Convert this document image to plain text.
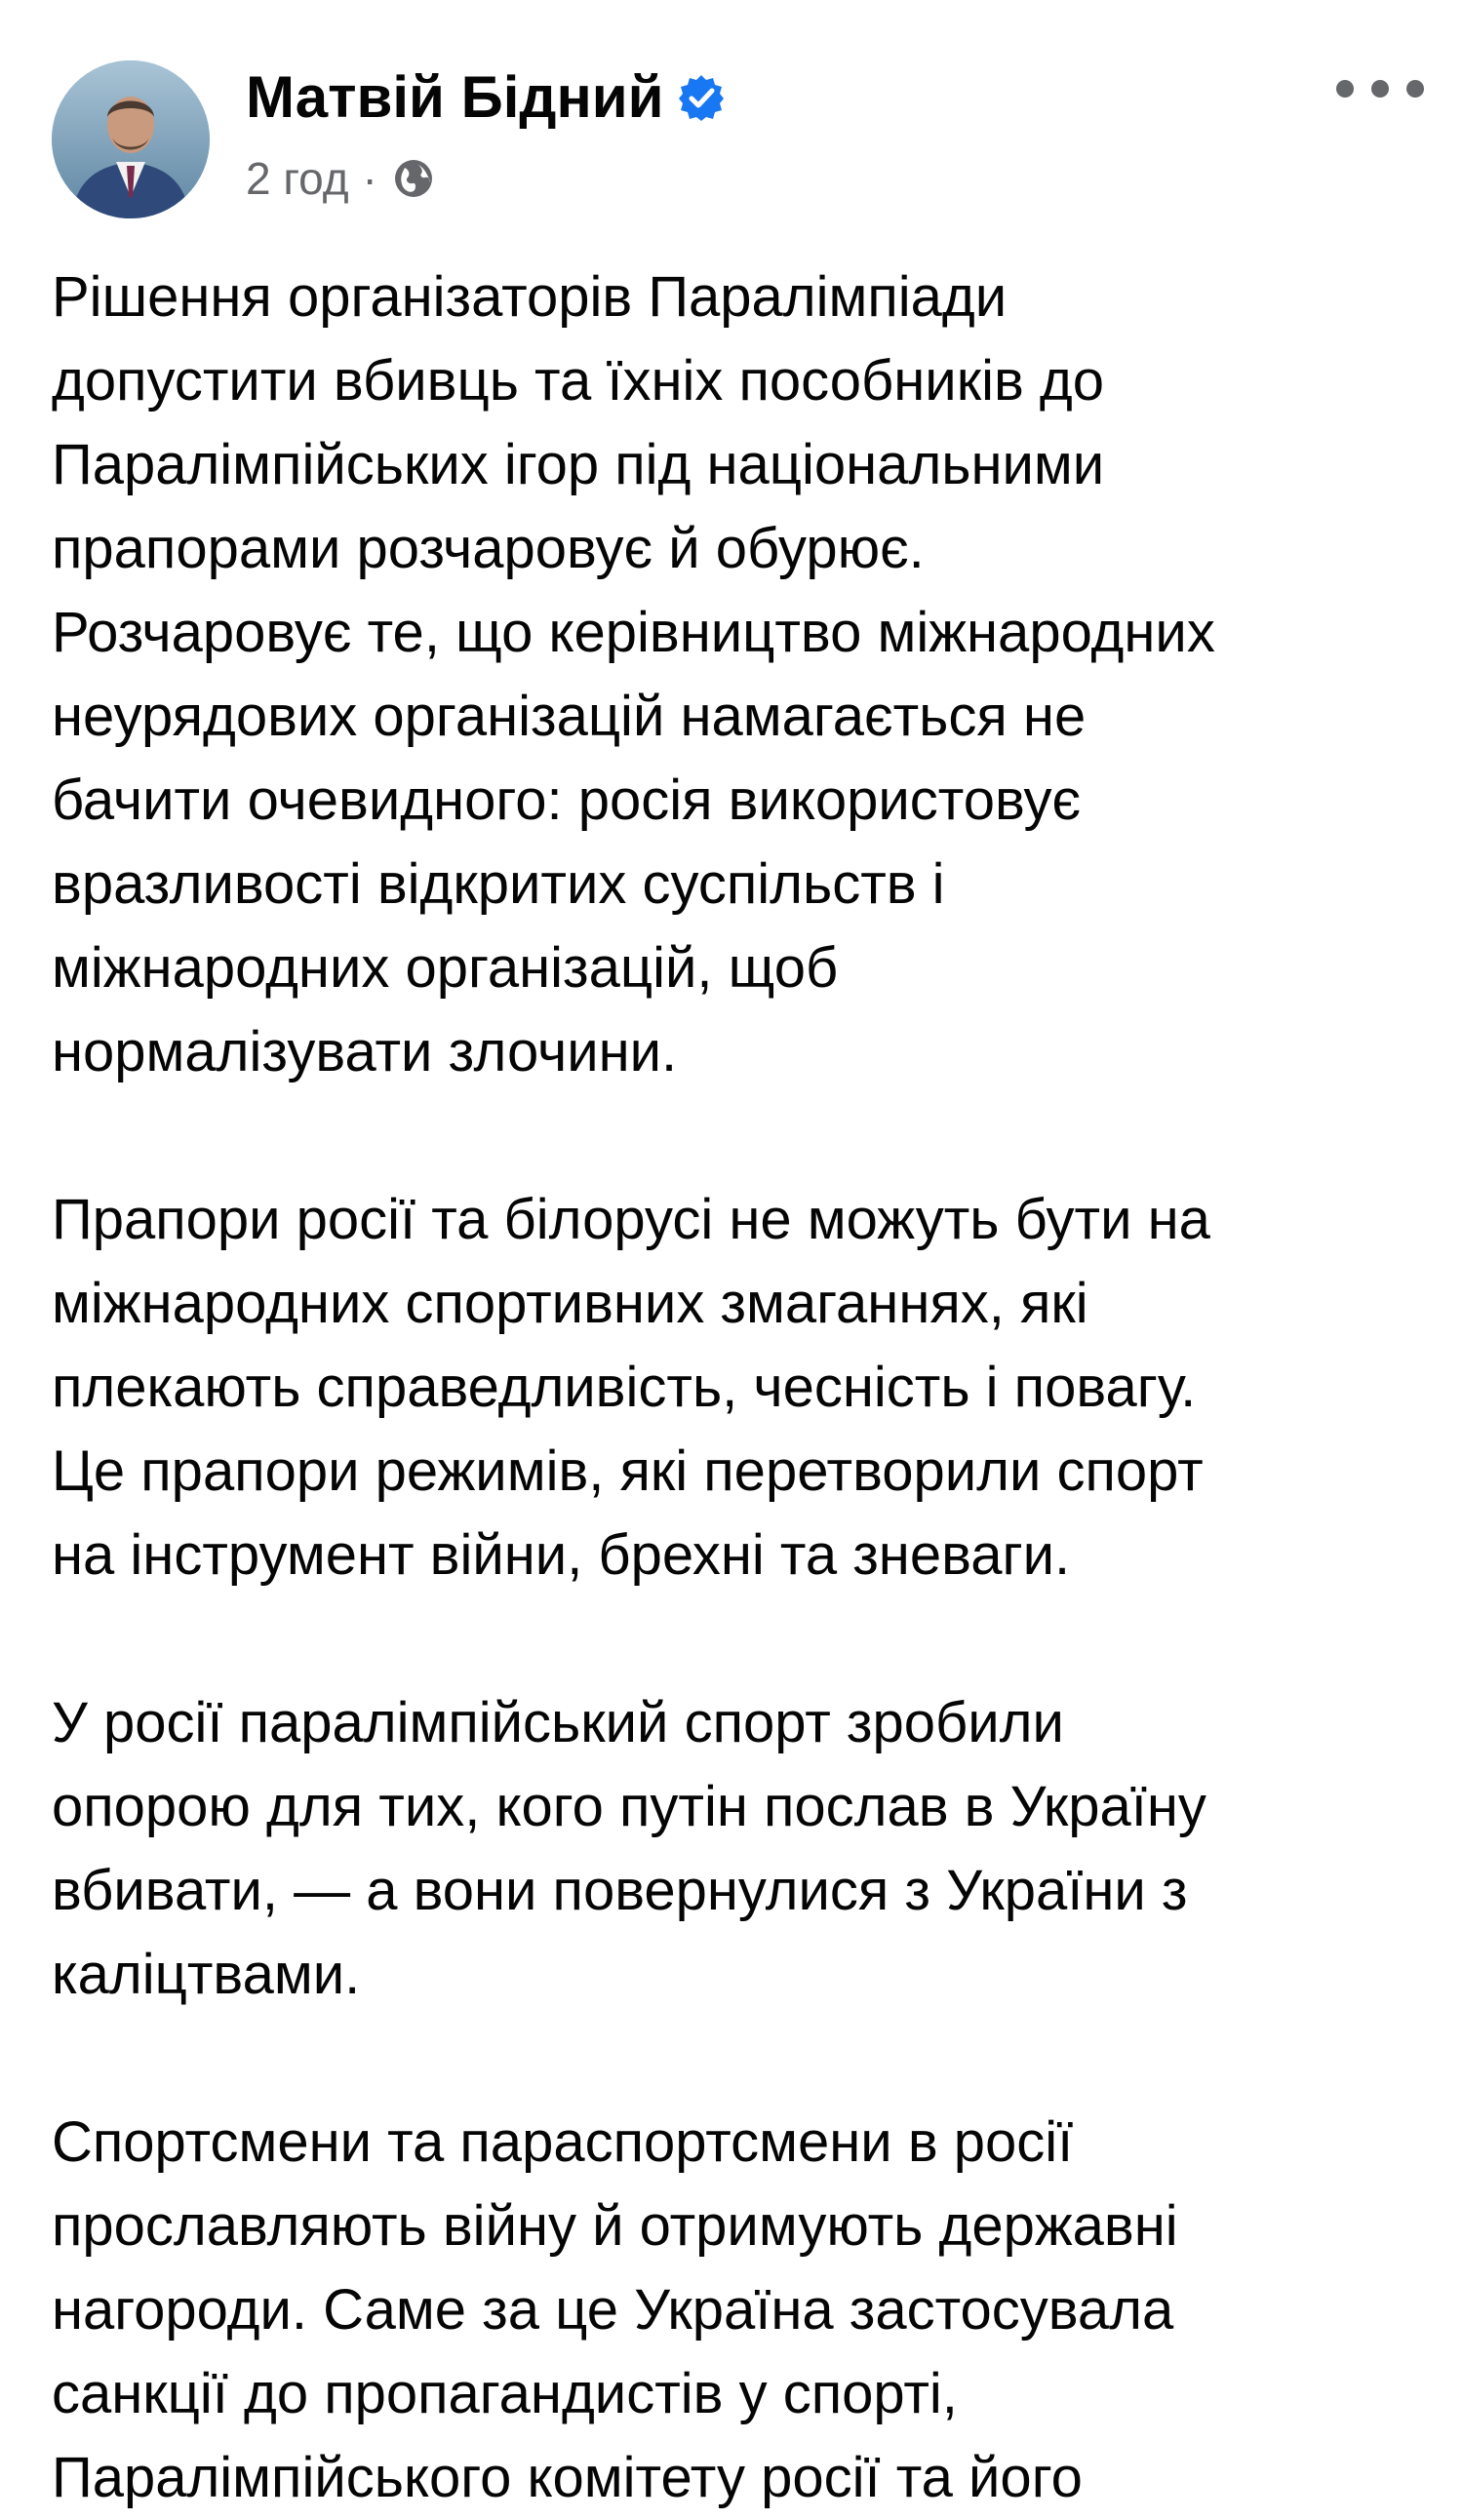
Матвій Бідний
2 год ·

Рішення організаторів Паралімпіади
допустити вбивць та їхніх пособників до
Паралімпійських ігор під національними
прапорами розчаровує й обурює.
Розчаровує те, що керівництво міжнародних
неурядових організацій намагається не
бачити очевидного: росія використовує
вразливості відкритих суспільств і
міжнародних організацій, щоб
нормалізувати злочини.

Прапори росії та білорусі не можуть бути на
міжнародних спортивних змаганнях, які
плекають справедливість, чесність і повагу.
Це прапори режимів, які перетворили спорт
на інструмент війни, брехні та зневаги.

У росії паралімпійський спорт зробили
опорою для тих, кого путін послав в Україну
вбивати, — а вони повернулися з України з
каліцтвами.

Спортсмени та параспортсмени в росії
прославляють війну й отримують державні
нагороди. Саме за це Україна застосувала
санкції до пропагандистів у спорті,
Паралімпійського комітету росії та його
